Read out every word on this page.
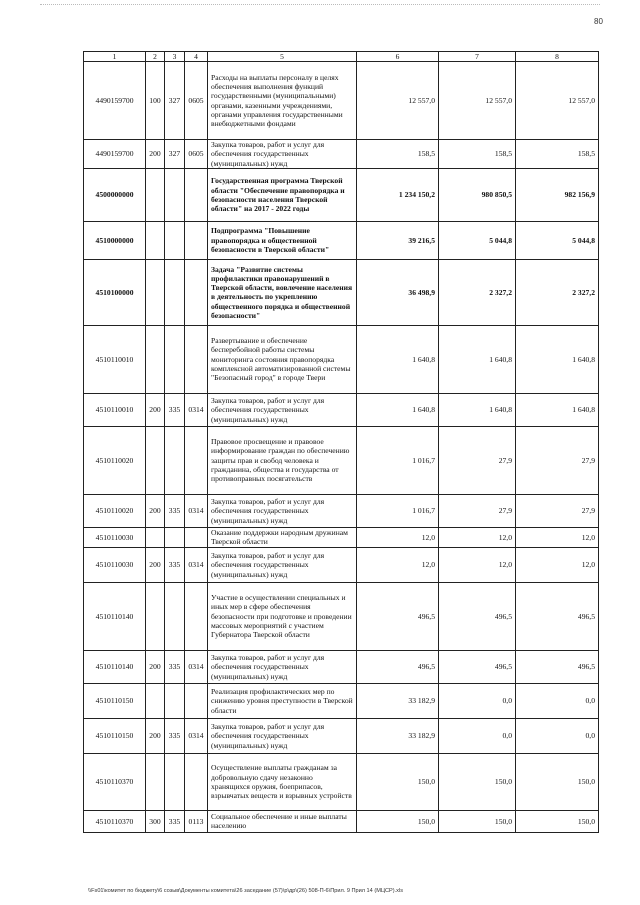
80
1	2	3	4	5	6	7	8
4490159700	100	327	0605	Расходы на выплаты персоналу в целях обеспечения выполнения функций государственными (муниципальными) органами, казенными учреждениями, органами управления государственными внебюджетными фондами	12 557,0	12 557,0	12 557,0
4490159700	200	327	0605	Закупка товаров, работ и услуг для обеспечения государственных (муниципальных) нужд	158,5	158,5	158,5
4500000000				Государственная программа Тверской области "Обеспечение правопорядка и безопасности населения Тверской области" на 2017 - 2022 годы	1 234 150,2	980 850,5	982 156,9
4510000000				Подпрограмма "Повышение правопорядка и общественной безопасности в Тверской области"	39 216,5	5 044,8	5 044,8
4510100000				Задача "Развитие системы профилактики правонарушений в Тверской области, вовлечение населения в деятельность по укреплению общественного порядка и общественной безопасности"	36 498,9	2 327,2	2 327,2
4510110010				Развертывание и обеспечение бесперебойной работы системы мониторинга состояния правопорядка комплексной автоматизированной системы "Безопасный город" в городе Твери	1 640,8	1 640,8	1 640,8
4510110010	200	335	0314	Закупка товаров, работ и услуг для обеспечения государственных (муниципальных) нужд	1 640,8	1 640,8	1 640,8
4510110020				Правовое просвещение и правовое информирование граждан по обеспечению защиты прав и свобод человека и гражданина, общества и государства от противоправных посягательств	1 016,7	27,9	27,9
4510110020	200	335	0314	Закупка товаров, работ и услуг для обеспечения государственных (муниципальных) нужд	1 016,7	27,9	27,9
4510110030				Оказание поддержки народным дружинам Тверской области	12,0	12,0	12,0
4510110030	200	335	0314	Закупка товаров, работ и услуг для обеспечения государственных (муниципальных) нужд	12,0	12,0	12,0
4510110140				Участие в осуществлении специальных и иных мер в сфере обеспечения безопасности при подготовке и проведении массовых мероприятий с участием Губернатора Тверской области	496,5	496,5	496,5
4510110140	200	335	0314	Закупка товаров, работ и услуг для обеспечения государственных (муниципальных) нужд	496,5	496,5	496,5
4510110150				Реализация профилактических мер по снижению уровня преступности в Тверской области	33 182,9	0,0	0,0
4510110150	200	335	0314	Закупка товаров, работ и услуг для обеспечения государственных (муниципальных) нужд	33 182,9	0,0	0,0
4510110370				Осуществление выплаты гражданам за добровольную сдачу незаконно хранящихся оружия, боеприпасов, взрывчатых веществ и взрывных устройств	150,0	150,0	150,0
4510110370	300	335	0113	Социальное обеспечение и иные выплаты населению	150,0	150,0	150,0
\\Fs01\комитет по бюджету\6 созыв\Документы комитета\26 заседание (57)\р\др\(26) 508-П-6\Прил. 9 Прил 14 (МЦСР).xls
